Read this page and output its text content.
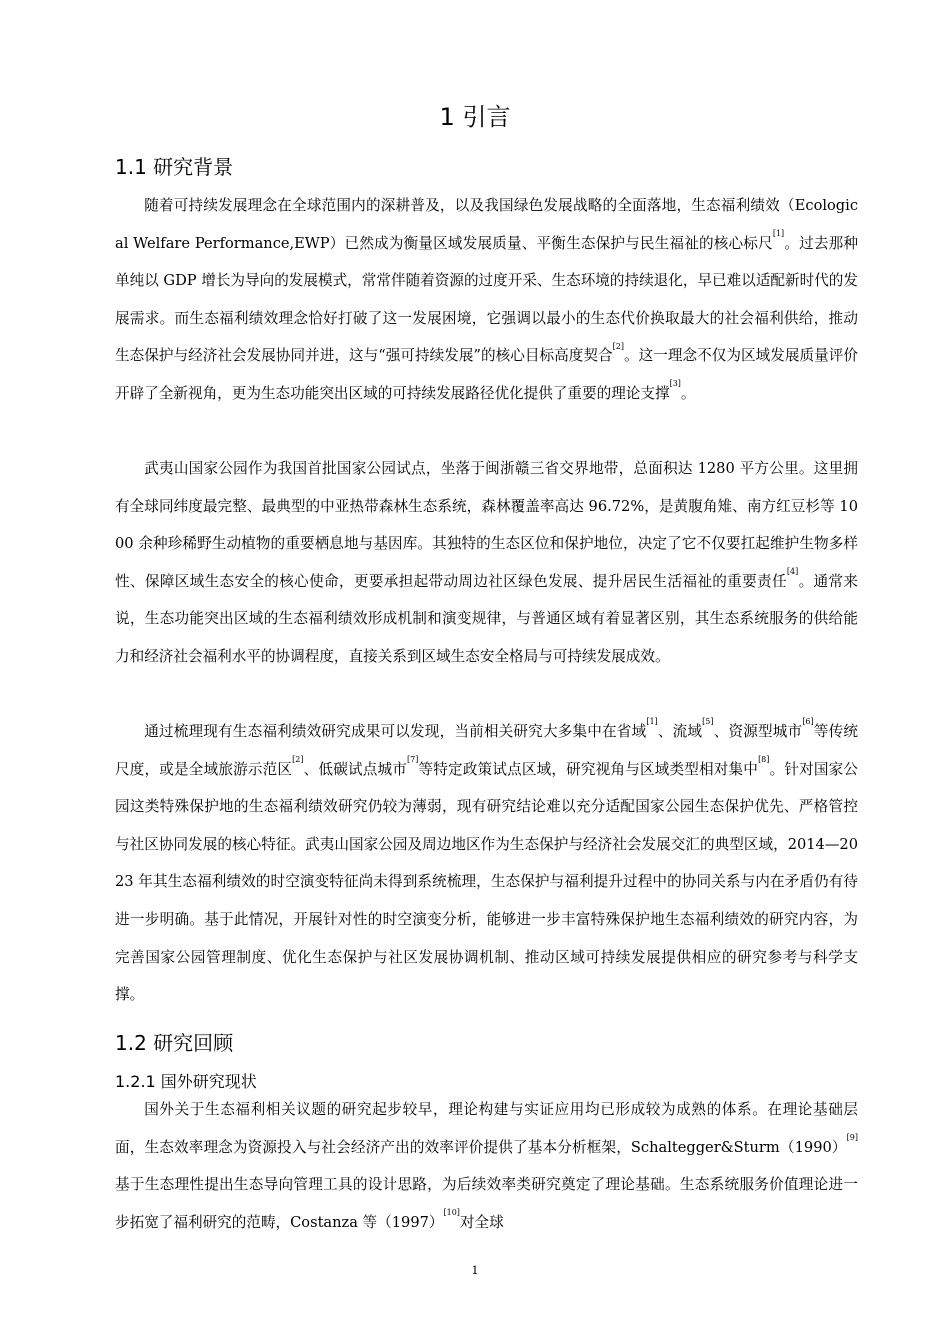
1 引言
1.1 研究背景

随着可持续发展理念在全球范围内的深耕普及，以及我国绿色发展战略的全面落地，生态福利绩效（Ecological Welfare Performance,EWP）已然成为衡量区域发展质量、平衡生态保护与民生福祉的核心标尺[1]。过去那种单纯以 GDP 增长为导向的发展模式，常常伴随着资源的过度开采、生态环境的持续退化，早已难以适配新时代的发展需求。而生态福利绩效理念恰好打破了这一发展困境，它强调以最小的生态代价换取最大的社会福利供给，推动生态保护与经济社会发展协同并进，这与“强可持续发展”的核心目标高度契合[2]。这一理念不仅为区域发展质量评价开辟了全新视角，更为生态功能突出区域的可持续发展路径优化提供了重要的理论支撑[3]。

武夷山国家公园作为我国首批国家公园试点，坐落于闽浙赣三省交界地带，总面积达 1280 平方公里。这里拥有全球同纬度最完整、最典型的中亚热带森林生态系统，森林覆盖率高达 96.72%，是黄腹角雉、南方红豆杉等 1000 余种珍稀野生动植物的重要栖息地与基因库。其独特的生态区位和保护地位，决定了它不仅要扛起维护生物多样性、保障区域生态安全的核心使命，更要承担起带动周边社区绿色发展、提升居民生活福祉的重要责任[4]。通常来说，生态功能突出区域的生态福利绩效形成机制和演变规律，与普通区域有着显著区别，其生态系统服务的供给能力和经济社会福利水平的协调程度，直接关系到区域生态安全格局与可持续发展成效。

通过梳理现有生态福利绩效研究成果可以发现，当前相关研究大多集中在省域[1]、流域[5]、资源型城市[6]等传统尺度，或是全域旅游示范区[2]、低碳试点城市[7]等特定政策试点区域，研究视角与区域类型相对集中[8]。针对国家公园这类特殊保护地的生态福利绩效研究仍较为薄弱，现有研究结论难以充分适配国家公园生态保护优先、严格管控与社区协同发展的核心特征。武夷山国家公园及周边地区作为生态保护与经济社会发展交汇的典型区域，2014—2023 年其生态福利绩效的时空演变特征尚未得到系统梳理，生态保护与福利提升过程中的协同关系与内在矛盾仍有待进一步明确。基于此情况，开展针对性的时空演变分析，能够进一步丰富特殊保护地生态福利绩效的研究内容，为完善国家公园管理制度、优化生态保护与社区发展协调机制、推动区域可持续发展提供相应的研究参考与科学支撑。

1.2 研究回顾
1.2.1 国外研究现状

国外关于生态福利相关议题的研究起步较早，理论构建与实证应用均已形成较为成熟的体系。在理论基础层面，生态效率理念为资源投入与社会经济产出的效率评价提供了基本分析框架，Schaltegger&Sturm（1990）[9]基于生态理性提出生态导向管理工具的设计思路，为后续效率类研究奠定了理论基础。生态系统服务价值理论进一步拓宽了福利研究的范畴，Costanza 等（1997）[10]对全球

1
